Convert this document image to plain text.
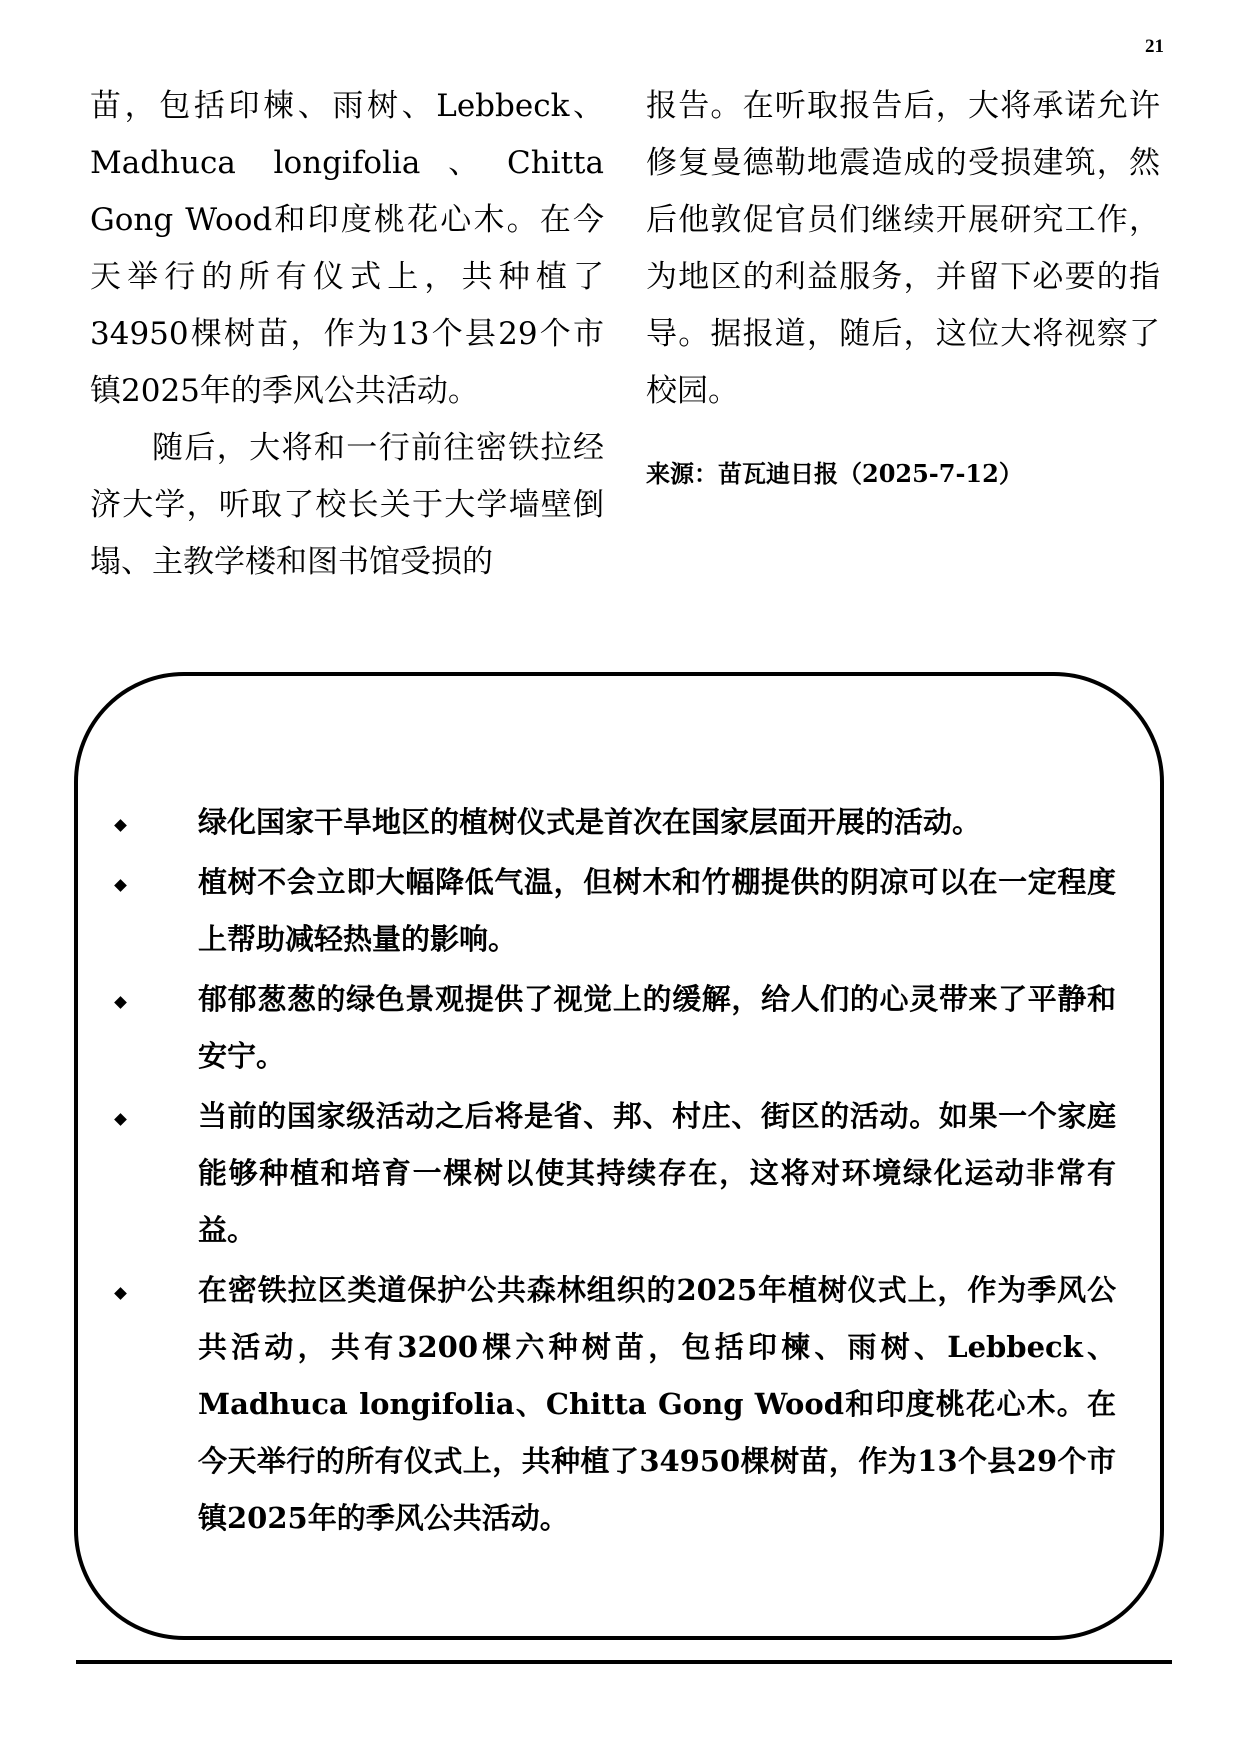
21

苗，包括印楝、雨树、Lebbeck、Madhuca longifolia、Chitta Gong Wood和印度桃花心木。在今天举行的所有仪式上，共种植了34950棵树苗，作为13个县29个市镇2025年的季风公共活动。

随后，大将和一行前往密铁拉经济大学，听取了校长关于大学墙壁倒塌、主教学楼和图书馆受损的

报告。在听取报告后，大将承诺允许修复曼德勒地震造成的受损建筑，然后他敦促官员们继续开展研究工作，为地区的利益服务，并留下必要的指导。据报道，随后，这位大将视察了校园。

来源：苗瓦迪日报（2025-7-12）

绿化国家干旱地区的植树仪式是首次在国家层面开展的活动。
植树不会立即大幅降低气温，但树木和竹棚提供的阴凉可以在一定程度上帮助减轻热量的影响。
郁郁葱葱的绿色景观提供了视觉上的缓解，给人们的心灵带来了平静和安宁。
当前的国家级活动之后将是省、邦、村庄、街区的活动。如果一个家庭能够种植和培育一棵树以使其持续存在，这将对环境绿化运动非常有益。
在密铁拉区类道保护公共森林组织的2025年植树仪式上，作为季风公共活动，共有3200棵六种树苗，包括印楝、雨树、Lebbeck、Madhuca longifolia、Chitta Gong Wood和印度桃花心木。在今天举行的所有仪式上，共种植了34950棵树苗，作为13个县29个市镇2025年的季风公共活动。
